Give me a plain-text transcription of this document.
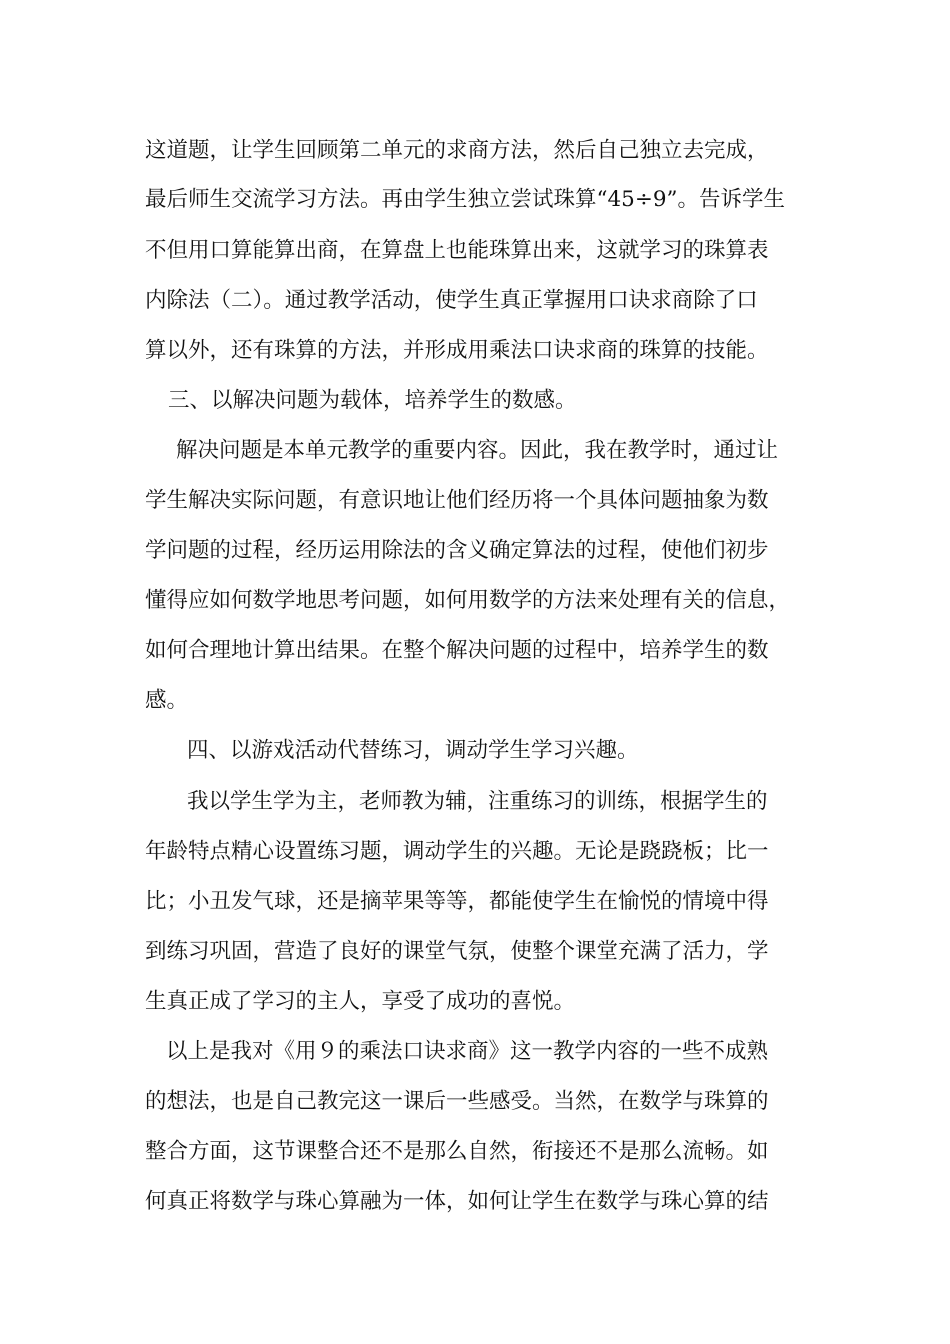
这道题，让学生回顾第二单元的求商方法，然后自己独立去完成，
最后师生交流学习方法。再由学生独立尝试珠算“45÷9”。告诉学生
不但用口算能算出商，在算盘上也能珠算出来，这就学习的珠算表
内除法（二）。通过教学活动，使学生真正掌握用口诀求商除了口
算以外，还有珠算的方法，并形成用乘法口诀求商的珠算的技能。
三、以解决问题为载体，培养学生的数感。
解决问题是本单元教学的重要内容。因此，我在教学时，通过让
学生解决实际问题，有意识地让他们经历将一个具体问题抽象为数
学问题的过程，经历运用除法的含义确定算法的过程，使他们初步
懂得应如何数学地思考问题，如何用数学的方法来处理有关的信息，
如何合理地计算出结果。在整个解决问题的过程中，培养学生的数
感。
四、以游戏活动代替练习，调动学生学习兴趣。
我以学生学为主，老师教为辅，注重练习的训练，根据学生的
年龄特点精心设置练习题，调动学生的兴趣。无论是跷跷板；比一
比；小丑发气球，还是摘苹果等等，都能使学生在愉悦的情境中得
到练习巩固，营造了良好的课堂气氛，使整个课堂充满了活力，学
生真正成了学习的主人，享受了成功的喜悦。
以上是我对《用９的乘法口诀求商》这一教学内容的一些不成熟
的想法，也是自己教完这一课后一些感受。当然，在数学与珠算的
整合方面，这节课整合还不是那么自然，衔接还不是那么流畅。如
何真正将数学与珠心算融为一体，如何让学生在数学与珠心算的结
